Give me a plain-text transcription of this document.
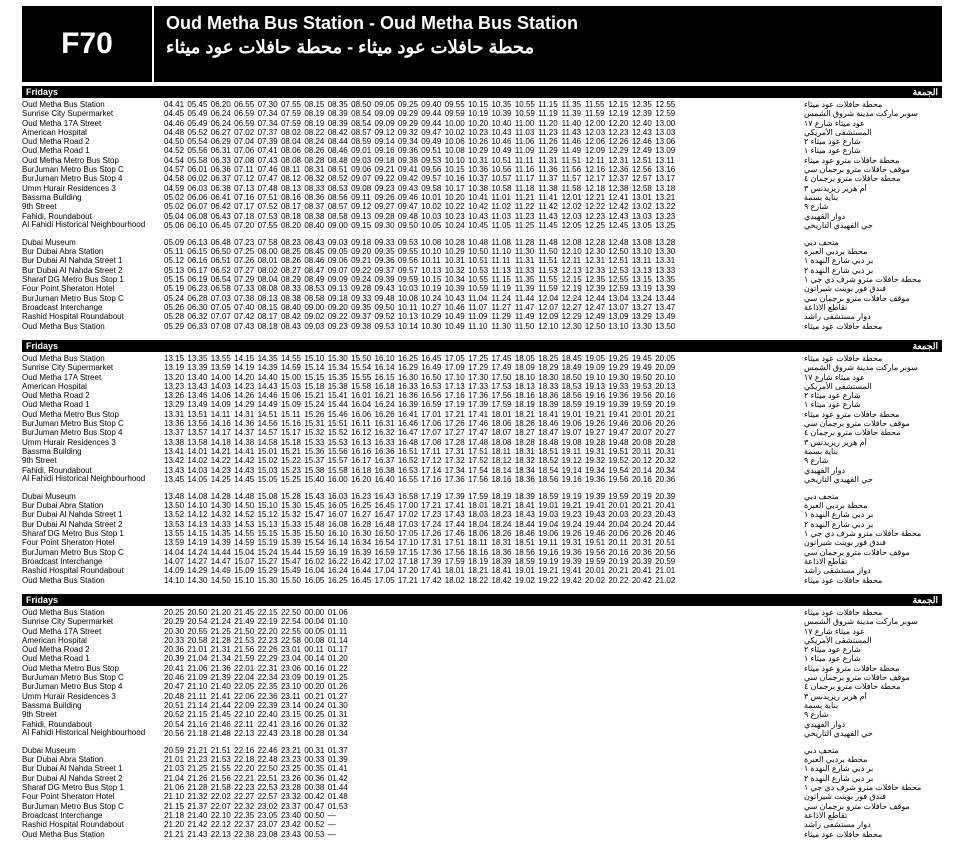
F70
Oud Metha Bus Station - Oud Metha Bus Station
محطة حافلات عود ميثاء - محطة حافلات عود ميثاء
Fridays	الجمعة
Oud Metha Bus Station	04.41 05.45 06.20 06.55 07.30 07.55 08.15 08.35 08.50 09.05 09.25 09.40 09.55 10.15 10.35 10.55 11.15 11.35 11.55 12.15 12.35 12.55	محطة حافلات عود ميثاء
Sunrise City Supermarket	04.45 05.49 06.24 06.59 07.34 07.59 08.19 08.39 08.54 09.09 09.29 09.44 09.59 10.19 10.39 10.59 11.19 11.39 11.59 12.19 12.39 12.59	سوبر ماركت مدينة شروق الشمس
Oud Metha 17A Street	04.46 05.49 06.24 06.59 07.34 07.59 08.19 08.39 08.54 09.09 09.29 09.44 10.00 10.20 10.40 11.00 11.20 11.40 12.00 12.20 12.40 13.00	عود ميثاء شارع ١٧
American Hospital	04.48 05.52 06.27 07.02 07.37 08.02 08.22 08.42 08.57 09.12 09.32 09.47 10.02 10.23 10.43 11.03 11.23 11.43 12.03 12.23 12.43 13.03	المستشفى الأمريكي
Oud Metha Road 2	04.50 05.54 06.29 07.04 07.39 08.04 08.24 08.44 08.59 09.14 09.34 09.49 10.06 10.26 10.46 11.06 11.26 11.46 12.06 12.26 12.46 13.06	شارع عود ميثاء ٢
Oud Metha Road 1	04.52 05.56 06.31 07.06 07.41 08.06 08.26 08.46 09.01 09.16 09.36 09.51 10.08 10.29 10.49 11.09 11.29 11.49 12.09 12.29 12.49 13.09	شارع عود ميثاء ١
Oud Metha Metro Bus Stop	04.54 05.58 06.33 07.08 07.43 08.08 08.28 08.48 09.03 09.18 09.38 09.53 10.10 10.31 10.51 11.11 11.31 11.51 12.11 12.31 12.51 13.11	محطة حافلات مترو عود ميثاء
BurJuman Metro Bus Stop C	04.57 06.01 06.36 07.11 07.46 08.11 08.31 08.51 09.06 09.21 09.41 09.56 10.15 10.36 10.56 11.16 11.36 11.56 12.16 12.36 12.56 13.16	موقف حافلات مترو برجمان سي
BurJuman Metro Bus Stop 4	04.58 06.02 06.37 07.12 07.47 08.12 08.32 08.52 09.07 09.22 09.42 09.57 10.16 10.37 10.57 11.17 11.37 11.57 12.17 12.37 12.57 13.17	محطة حافلات مترو برجمان ٤
Umm Hurair Residences 3	04.59 06.03 06.38 07.13 07.48 08.13 08.33 08.53 09.08 09.23 09.43 09.58 10.17 10.38 10.58 11.18 11.38 11.58 12.18 12.38 12.58 13.18	أم هرير ريزيدنس ٣
Bassma Building	05.02 06.06 06.41 07.16 07.51 08.16 08.36 08.56 09.11 09.26 09.46 10.01 10.20 10.41 11.01 11.21 11.41 12.01 12.21 12.41 13.01 13.21	بناية بسمة
9th Street	05.02 06.07 06.42 07.17 07.52 08.17 08.37 08.57 09.12 09.27 09.47 10.02 10.22 10.42 11.02 11.22 11.42 12.02 12.22 12.42 13.02 13.22	شارع ٩
Fahidi, Roundabout	05.04 06.08 06.43 07.18 07.53 08.18 08.38 08.58 09.13 09.28 09.48 10.03 10.23 10.43 11.03 11.23 11.43 12.03 12.23 12.43 13.03 13.23	دوار الفهيدي
Al Fahidi Historical Neighbourhood	05.06 06.10 06.45 07.20 07.55 08.20 08.40 09.00 09.15 09.30 09.50 10.05 10.24 10.45 11.05 11.25 11.45 12.05 12.25 12.45 13.05 13.25	حي الفهيدي التاريخي
Dubai Museum	05.09 06.13 06.48 07.23 07.58 08.23 08.43 09.03 09.18 09.33 09.53 10.08 10.28 10.48 11.08 11.28 11.48 12.08 12.28 12.48 13.08 13.28	متحف دبي
Bur Dubai Abra Station	05.11 06.15 06.50 07.25 08.00 08.25 08.45 09.05 09.20 09.35 09.55 10.10 10.29 10.50 11.10 11.30 11.50 12.10 12.30 12.50 13.10 13.30	محطة بردبي العبرة
Bur Dubai Al Nahda Street 1	05.12 06.16 06.51 07.26 08.01 08.26 08.46 09.06 09.21 09.36 09.56 10.11 10.31 10.51 11.11 11.31 11.51 12.11 12.31 12.51 13.11 13.31	بر دبي شارع النهدة ١
Bur Dubai Al Nahda Street 2	05.13 06.17 06.52 07.27 08.02 08.27 08.47 09.07 09.22 09.37 09.57 10.13 10.32 10.53 11.13 11.33 11.53 12.13 12.33 12.53 13.13 13.33	بر دبي شارع النهدة ٢
Sharaf DG Metro Bus Stop 1	05.15 06.19 06.54 07.29 08.04 08.29 08.49 09.09 09.24 09.39 09.59 10.15 10.34 10.55 11.15 11.35 11.55 12.15 12.35 12.55 13.15 13.35	محطة حافلات مترو شرف دي جي ١
Four Point Sheraton Hotel	05.19 06.23 06.58 07.33 08.08 08.33 08.53 09.13 09.28 09.43 10.03 10.19 10.39 10.59 11.19 11.39 11.59 12.19 12.39 12.59 13.19 13.39	فندق فور بوينت شيراتون
BurJuman Metro Bus Stop C	05.24 06.28 07.03 07.38 08.13 08.38 08.58 09.18 09.33 09.48 10.08 10.24 10.43 11.04 11.24 11.44 12.04 12.24 12.44 13.04 13.24 13.44	موقف حافلات مترو برجمان سي
Broadcast Interchange	05.26 06.30 07.05 07.40 08.15 08.40 09.00 09.20 09.35 09.50 10.11 10.27 10.46 11.07 11.27 11.47 12.07 12.27 12.47 13.07 13.27 13.47	تقاطع الاذاعة
Rashid Hospital Roundabout	05.28 06.32 07.07 07.42 08.17 08.42 09.02 09.22 09.37 09.52 10.13 10.29 10.49 11.09 11.29 11.49 12.09 12.29 12.49 13.09 13.29 13.49	دوار مستشفى راشد
Oud Metha Bus Station	05.29 06.33 07.08 07.43 08.18 08.43 09.03 09.23 09.38 09.53 10.14 10.30 10.49 11.10 11.30 11.50 12.10 12.30 12.50 13.10 13.30 13.50	محطة حافلات عود ميثاء
Fridays	الجمعة
Oud Metha Bus Station	13.15 13.35 13.55 14.15 14.35 14.55 15.10 15.30 15.50 16.10 16.25 16.45 17.05 17.25 17.45 18.05 18.25 18.45 19.05 19.25 19.45 20.05	محطة حافلات عود ميثاء
Sunrise City Supermarket	13.19 13.39 13.59 14.19 14.39 14.59 15.14 15.34 15.54 16.14 16.29 16.49 17.09 17.29 17.49 18.09 18.29 18.49 19.09 19.29 19.49 20.09	سوبر ماركت مدينة شروق الشمس
Oud Metha 17A Street	13.20 13.40 14.00 14.20 14.40 15.00 15.15 15.35 15.55 16.15 16.30 16.50 17.10 17.30 17.50 18.10 18.30 18.50 19.10 19.30 19.50 20.10	عود ميثاء شارع ١٧
American Hospital	13.23 13.43 14.03 14.23 14.43 15.03 15.18 15.38 15.58 16.18 16.33 16.53 17.13 17.33 17.53 18.13 18.33 18.53 19.13 19.33 19.53 20.13	المستشفى الأمريكي
Oud Metha Road 2	13.26 13.46 14.06 14.26 14.46 15.06 15.21 15.41 16.01 16.21 16.36 16.56 17.16 17.36 17.56 18.16 18.36 18.56 19.16 19.36 19.56 20.16	شارع عود ميثاء ٢
Oud Metha Road 1	13.29 13.49 14.09 14.29 14.49 15.09 15.24 15.44 16.04 16.24 16.39 16.59 17.19 17.39 17.59 18.19 18.39 18.59 19.19 19.39 19.59 20.19	شارع عود ميثاء ١
Oud Metha Metro Bus Stop	13.31 13.51 14.11 14.31 14.51 15.11 15.26 15.46 16.06 16.26 16.41 17.01 17.21 17.41 18.01 18.21 18.41 19.01 19.21 19.41 20.01 20.21	محطة حافلات مترو عود ميثاء
BurJuman Metro Bus Stop C	13.36 13.56 14.16 14.36 14.56 15.16 15.31 15.51 16.11 16.31 16.46 17.06 17.26 17.46 18.06 18.26 18.46 19.06 19.26 19.46 20.06 20.26	موقف حافلات مترو برجمان سي
BurJuman Metro Bus Stop 4	13.37 13.57 14.17 14.37 14.57 15.17 15.32 15.52 16.12 16.32 16.47 17.07 17.27 17.47 18.07 18.27 18.47 19.07 19.27 19.47 20.07 20.27	محطة حافلات مترو برجمان ٤
Umm Hurair Residences 3	13.38 13.58 14.18 14.38 14.58 15.18 15.33 15.53 16.13 16.33 16.48 17.08 17.28 17.48 18.08 18.28 18.48 19.08 19.28 19.48 20.08 20.28	أم هرير ريزيدنس ٣
Bassma Building	13.41 14.01 14.21 14.41 15.01 15.21 15.36 15.56 16.16 16.36 16.51 17.11 17.31 17.51 18.11 18.31 18.51 19.11 19.31 19.51 20.11 20.31	بناية بسمة
9th Street	13.42 14.02 14.22 14.42 15.02 15.22 15.37 15.57 16.17 16.37 16.52 17.12 17.32 17.52 18.12 18.32 18.52 19.12 19.32 19.52 20.12 20.32	شارع ٩
Fahidi, Roundabout	13.43 14.03 14.23 14.43 15.03 15.23 15.38 15.58 16.18 16.38 16.53 17.14 17.34 17.54 18.14 18.34 18.54 19.14 19.34 19.54 20.14 20.34	دوار الفهيدي
Al Fahidi Historical Neighbourhood	13.45 14.05 14.25 14.45 15.05 15.25 15.40 16.00 16.20 16.40 16.55 17.16 17.36 17.56 18.16 18.36 18.56 19.16 19.36 19.56 20.16 20.36	حي الفهيدي التاريخي
Dubai Museum	13.48 14.08 14.28 14.48 15.08 15.28 15.43 16.03 16.23 16.43 16.58 17.19 17.39 17.59 18.19 18.39 18.59 19.19 19.39 19.59 20.19 20.39	متحف دبي
Bur Dubai Abra Station	13.50 14.10 14.30 14.50 15.10 15.30 15.45 16.05 16.25 16.45 17.00 17.21 17.41 18.01 18.21 18.41 19.01 19.21 19.41 20.01 20.21 20.41	محطة بردبي العبرة
Bur Dubai Al Nahda Street 1	13.52 14.12 14.32 14.52 15.12 15.32 15.47 16.07 16.27 16.47 17.02 17.23 17.43 18.03 18.23 18.43 19.03 19.23 19.43 20.03 20.23 20.43	بر دبي شارع النهدة ١
Bur Dubai Al Nahda Street 2	13.53 14.13 14.33 14.53 15.13 15.33 15.48 16.08 16.28 16.48 17.03 17.24 17.44 18.04 18.24 18.44 19.04 19.24 19.44 20.04 20.24 20.44	بر دبي شارع النهدة ٢
Sharaf DG Metro Bus Stop 1	13.55 14.15 14.35 14.55 15.15 15.35 15.50 16.10 16.30 16.50 17.05 17.26 17.46 18.06 18.26 18.46 19.06 19.26 19.46 20.06 20.26 20.46	محطة حافلات مترو شرف دي جي ١
Four Point Sheraton Hotel	13.59 14.19 14.39 14.59 15.19 15.39 15.54 16.14 16.34 16.54 17.10 17.31 17.51 18.11 18.31 18.51 19.11 19.31 19.51 20.11 20.31 20.51	فندق فور بوينت شيراتون
BurJuman Metro Bus Stop C	14.04 14.24 14.44 15.04 15.24 15.44 15.59 16.19 16.39 16.59 17.15 17.36 17.56 18.16 18.36 18.56 19.16 19.36 19.56 20.16 20.36 20.56	موقف حافلات مترو برجمان سي
Broadcast Interchange	14.07 14.27 14.47 15.07 15.27 15.47 16.02 16.22 16.42 17.02 17.18 17.39 17.59 18.19 18.39 18.59 19.19 19.39 19.59 20.19 20.39 20.59	تقاطع الاذاعة
Rashid Hospital Roundabout	14.09 14.29 14.49 15.09 15.29 15.49 16.04 16.24 16.44 17.04 17.20 17.41 18.01 18.21 18.41 19.01 19.21 19.41 20.01 20.21 20.41 21.01	دوار مستشفى راشد
Oud Metha Bus Station	14.10 14.30 14.50 15.10 15.30 15.50 16.05 16.25 16.45 17.05 17.21 17.42 18.02 18.22 18.42 19.02 19.22 19.42 20.02 20.22 20.42 21.02	محطة حافلات عود ميثاء
Fridays	الجمعة
Oud Metha Bus Station	20.25 20.50 21.20 21.45 22.15 22.50 00.00 01.06	محطة حافلات عود ميثاء
Sunrise City Supermarket	20.29 20.54 21.24 21.49 22.19 22.54 00.04 01.10	سوبر ماركت مدينة شروق الشمس
Oud Metha 17A Street	20.30 20.55 21.25 21.50 22.20 22.55 00.05 01.11	عود ميثاء شارع ١٧
American Hospital	20.33 20.58 21.28 21.53 22.23 22.58 00.08 01.14	المستشفى الأمريكي
Oud Metha Road 2	20.36 21.01 21.31 21.56 22.26 23.01 00.11 01.17	شارع عود ميثاء ٢
Oud Metha Road 1	20.39 21.04 21.34 21.59 22.29 23.04 00.14 01.20	شارع عود ميثاء ١
Oud Metha Metro Bus Stop	20.41 21.06 21.36 22.01 22.31 23.06 00.16 01.22	محطة حافلات مترو عود ميثاء
BurJuman Metro Bus Stop C	20.46 21.09 21.39 22.04 22.34 23.09 00.19 01.25	موقف حافلات مترو برجمان سي
BurJuman Metro Bus Stop 4	20.47 21.10 21.40 22.05 22.35 23.10 00.20 01.26	محطة حافلات مترو برجمان ٤
Umm Hurair Residences 3	20.48 21.11 21.41 22.06 22.36 23.11 00.21 01.27	أم هرير ريزيدنس ٣
Bassma Building	20.51 21.14 21.44 22.09 22.39 23.14 00.24 01.30	بناية بسمة
9th Street	20.52 21.15 21.45 22.10 22.40 23.15 00.25 01.31	شارع ٩
Fahidi, Roundabout	20.54 21.16 21.46 22.11 22.41 23.16 00.26 01.32	دوار الفهيدي
Al Fahidi Historical Neighbourhood	20.56 21.18 21.48 22.13 22.43 23.18 00.28 01.34	حي الفهيدي التاريخي
Dubai Museum	20.59 21.21 21.51 22.16 22.46 23.21 00.31 01.37	متحف دبي
Bur Dubai Abra Station	21.01 21.23 21.53 22.18 22.48 23.23 00.33 01.39	محطة بردبي العبرة
Bur Dubai Al Nahda Street 1	21.03 21.25 21.55 22.20 22.50 23.25 00.35 01.41	بر دبي شارع النهدة ١
Bur Dubai Al Nahda Street 2	21.04 21.26 21.56 22.21 22.51 23.26 00.36 01.42	بر دبي شارع النهدة ٢
Sharaf DG Metro Bus Stop 1	21.06 21.28 21.58 22.23 22.53 23.28 00.38 01.44	محطة حافلات مترو شرف دي جي ١
Four Point Sheraton Hotel	21.10 21.32 22.02 22.27 22.57 23.32 00.42 01.48	فندق فور بوينت شيراتون
BurJuman Metro Bus Stop C	21.15 21.37 22.07 22.32 23.02 23.37 00.47 01.53	موقف حافلات مترو برجمان سي
Broadcast Interchange	21.18 21.40 22.10 22.35 23.05 23.40 00.50 —	تقاطع الاذاعة
Rashid Hospital Roundabout	21.20 21.42 22.12 22.37 23.07 23.42 00.52 —	دوار مستشفى راشد
Oud Metha Bus Station	21.21 21.43 22.13 22.38 23.08 23.43 00.53 —	محطة حافلات عود ميثاء
